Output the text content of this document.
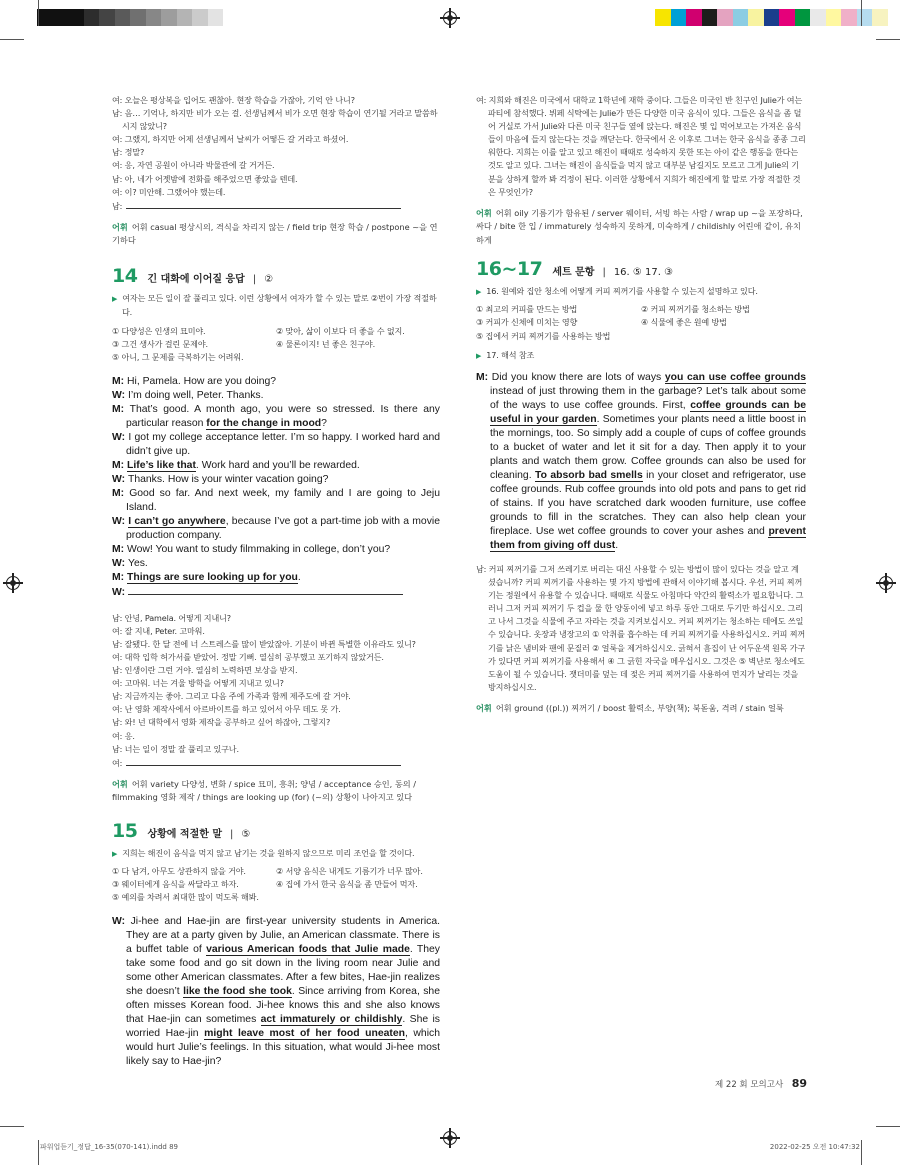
여: 오늘은 평상복을 입어도 괜찮아. 현장 학습을 가잖아, 기억 안 나니?
남: 음… 기억나, 하지만 비가 오는 걸. 선생님께서 비가 오면 현장 학습이 연기될 거라고 말씀하시지 않았니?
여: 그랬지, 하지만 어제 선생님께서 날씨가 어떻든 갈 거라고 하셨어.
남: 정말?
여: 응, 자연 공원이 아니라 박물관에 갈 거거든.
남: 아, 네가 어젯밤에 전화를 해주었으면 좋았을 텐데.
여: 이? 미안해. 그랬어야 했는데.
남:
어휘 어휘 casual 평상시의, 격식을 차리지 않는 / field trip 현장 학습 / postpone ~을 연기하다
14 긴 대화에 이어질 응답 | ②
▶ 여자는 모든 일이 잘 풀리고 있다. 이런 상황에서 여자가 할 수 있는 말로 ②번이 가장 적절하다.
① 다양성은 인생의 묘미야.	② 맞아, 삶이 이보다 더 좋을 수 없지.
③ 그건 생사가 걸린 문제야.	④ 물론이지! 넌 좋은 친구야.
⑤ 아니, 그 문제를 극복하기는 어려워.
M: Hi, Pamela. How are you doing?
W: I’m doing well, Peter. Thanks.
M: That’s good. A month ago, you were so stressed. Is there any particular reason for the change in mood?
W: I got my college acceptance letter. I’m so happy. I worked hard and didn’t give up.
M: Life’s like that. Work hard and you’ll be rewarded.
W: Thanks. How is your winter vacation going?
M: Good so far. And next week, my family and I are going to Jeju Island.
W: I can’t go anywhere, because I’ve got a part-time job with a movie production company.
M: Wow! You want to study filmmaking in college, don’t you?
W: Yes.
M: Things are sure looking up for you.
W:
남: 안녕, Pamela. 어떻게 지내니?
여: 잘 지내, Peter. 고마워.
남: 잘됐다. 한 달 전에 너 스트레스를 많이 받았잖아. 기분이 바뀐 특별한 이유라도 있니?
여: 대학 입학 허가서를 받았어. 정말 기뻐. 열심히 공부했고 포기하지 않았거든.
남: 인생이란 그런 거야. 열심히 노력하면 보상을 받지.
여: 고마워. 너는 겨울 방학을 어떻게 지내고 있니?
남: 지금까지는 좋아. 그리고 다음 주에 가족과 함께 제주도에 갈 거야.
여: 난 영화 제작사에서 아르바이트를 하고 있어서 아무 데도 못 가.
남: 와! 넌 대학에서 영화 제작을 공부하고 싶어 하잖아, 그렇지?
여: 응.
남: 너는 일이 정말 잘 풀리고 있구나.
여:
어휘 어휘 variety 다양성, 변화 / spice 묘미, 흥취; 양념 / acceptance 승인, 동의 / filmmaking 영화 제작 / things are looking up (for) (~의) 상황이 나아지고 있다
15 상황에 적절한 말 | ⑤
▶ 지희는 해진이 음식을 먹지 않고 남기는 것을 원하지 않으므로 미리 조언을 할 것이다.
① 다 남겨, 아무도 상관하지 않을 거야.	② 서양 음식은 내게도 기름기가 너무 많아.
③ 웨이터에게 음식을 싸달라고 하자.	④ 집에 가서 한국 음식을 좀 만들어 먹자.
⑤ 예의를 차려서 최대한 많이 먹도록 해봐.
W: Ji-hee and Hae-jin are first-year university students in America. They are at a party given by Julie, an American classmate. There is a buffet table of various American foods that Julie made. They take some food and go sit down in the living room near Julie and some other American classmates. After a few bites, Hae-jin realizes she doesn’t like the food she took. Since arriving from Korea, she often misses Korean food. Ji-hee knows this and she also knows that Hae-jin can sometimes act immaturely or childishly. She is worried Hae-jin might leave most of her food uneaten, which would hurt Julie’s feelings. In this situation, what would Ji-hee most likely say to Hae-jin?
여: 지희와 해진은 미국에서 대학교 1학년에 재학 중이다. 그들은 미국인 반 친구인 Julie가 여는 파티에 참석했다. 뷔페 식탁에는 Julie가 만든 다양한 미국 음식이 있다. 그들은 음식을 좀 덜어 거실로 가서 Julie와 다른 미국 친구들 옆에 앉는다. 해진은 몇 입 먹어보고는 가져온 음식들이 마음에 들지 않는다는 것을 깨닫는다. 한국에서 온 이후로 그녀는 한국 음식을 종종 그리워한다. 지희는 이를 알고 있고 해진이 때때로 성숙하지 못한 또는 아이 같은 행동을 한다는 것도 알고 있다. 그녀는 해진이 음식들을 먹지 않고 대부분 남길지도 모르고 그게 Julie의 기분을 상하게 할까 봐 걱정이 된다. 이러한 상황에서 지희가 해진에게 할 말로 가장 적절한 것은 무엇인가?
어휘 어휘 oily 기름기가 함유된 / server 웨이터, 서빙 하는 사람 / wrap up ~을 포장하다, 싸다 / bite 한 입 / immaturely 성숙하지 못하게, 미숙하게 / childishly 어린애 같이, 유치하게
16~17 세트 문항 | 16. ⑤ 17. ③
▶ 16. 원예와 집안 청소에 어떻게 커피 찌꺼기를 사용할 수 있는지 설명하고 있다.
① 최고의 커피를 만드는 방법	② 커피 찌꺼기를 청소하는 방법
③ 커피가 신체에 미치는 영향	④ 식물에 좋은 원예 방법
⑤ 집에서 커피 찌꺼기를 사용하는 방법
▶ 17. 해석 참조
M: Did you know there are lots of ways you can use coffee grounds instead of just throwing them in the garbage? Let’s talk about some of the ways to use coffee grounds. First, coffee grounds can be useful in your garden. Sometimes your plants need a little boost in the mornings, too. So simply add a couple of cups of coffee grounds to a bucket of water and let it sit for a day. Then apply it to your plants and watch them grow. Coffee grounds can also be used for cleaning. To absorb bad smells in your closet and refrigerator, use coffee grounds. Rub coffee grounds into old pots and pans to get rid of stains. If you have scratched dark wooden furniture, use coffee grounds to fill in the scratches. They can also help clean your fireplace. Use wet coffee grounds to cover your ashes and prevent them from giving off dust.
남: 커피 찌꺼기를 그저 쓰레기로 버리는 대신 사용할 수 있는 방법이 많이 있다는 것을 알고 계셨습니까? 커피 찌꺼기를 사용하는 몇 가지 방법에 관해서 이야기해 봅시다. 우선, 커피 찌꺼기는 정원에서 유용할 수 있습니다. 때때로 식물도 아침마다 약간의 활력소가 필요합니다. 그러니 그저 커피 찌꺼기 두 컵을 물 한 양동이에 넣고 하루 동안 그대로 두기만 하십시오. 그리고 나서 그것을 식물에 주고 자라는 것을 지켜보십시오. 커피 찌꺼기는 청소하는 데에도 쓰일 수 있습니다. 옷장과 냉장고의 ① 악취를 흡수하는 데 커피 찌꺼기를 사용하십시오. 커피 찌꺼기를 낡은 냄비와 팬에 문질러 ② 얼룩을 제거하십시오. 긁혀서 흠집이 난 어두운색 원목 가구가 있다면 커피 찌꺼기를 사용해서 ④ 그 긁힌 자국을 메우십시오. 그것은 ⑤ 벽난로 청소에도 도움이 될 수 있습니다. 잿더미를 덮는 데 젖은 커피 찌꺼기를 사용하여 먼지가 날리는 것을 방지하십시오.
어휘 어휘 ground ((pl.)) 찌꺼기 / boost 활력소, 부양(책); 북돋움, 격려 / stain 얼룩
제 22 회 모의고사 89
파워업듣기_정답_16-35(070-141).indd 89	2022-02-25 오전 10:47:32
